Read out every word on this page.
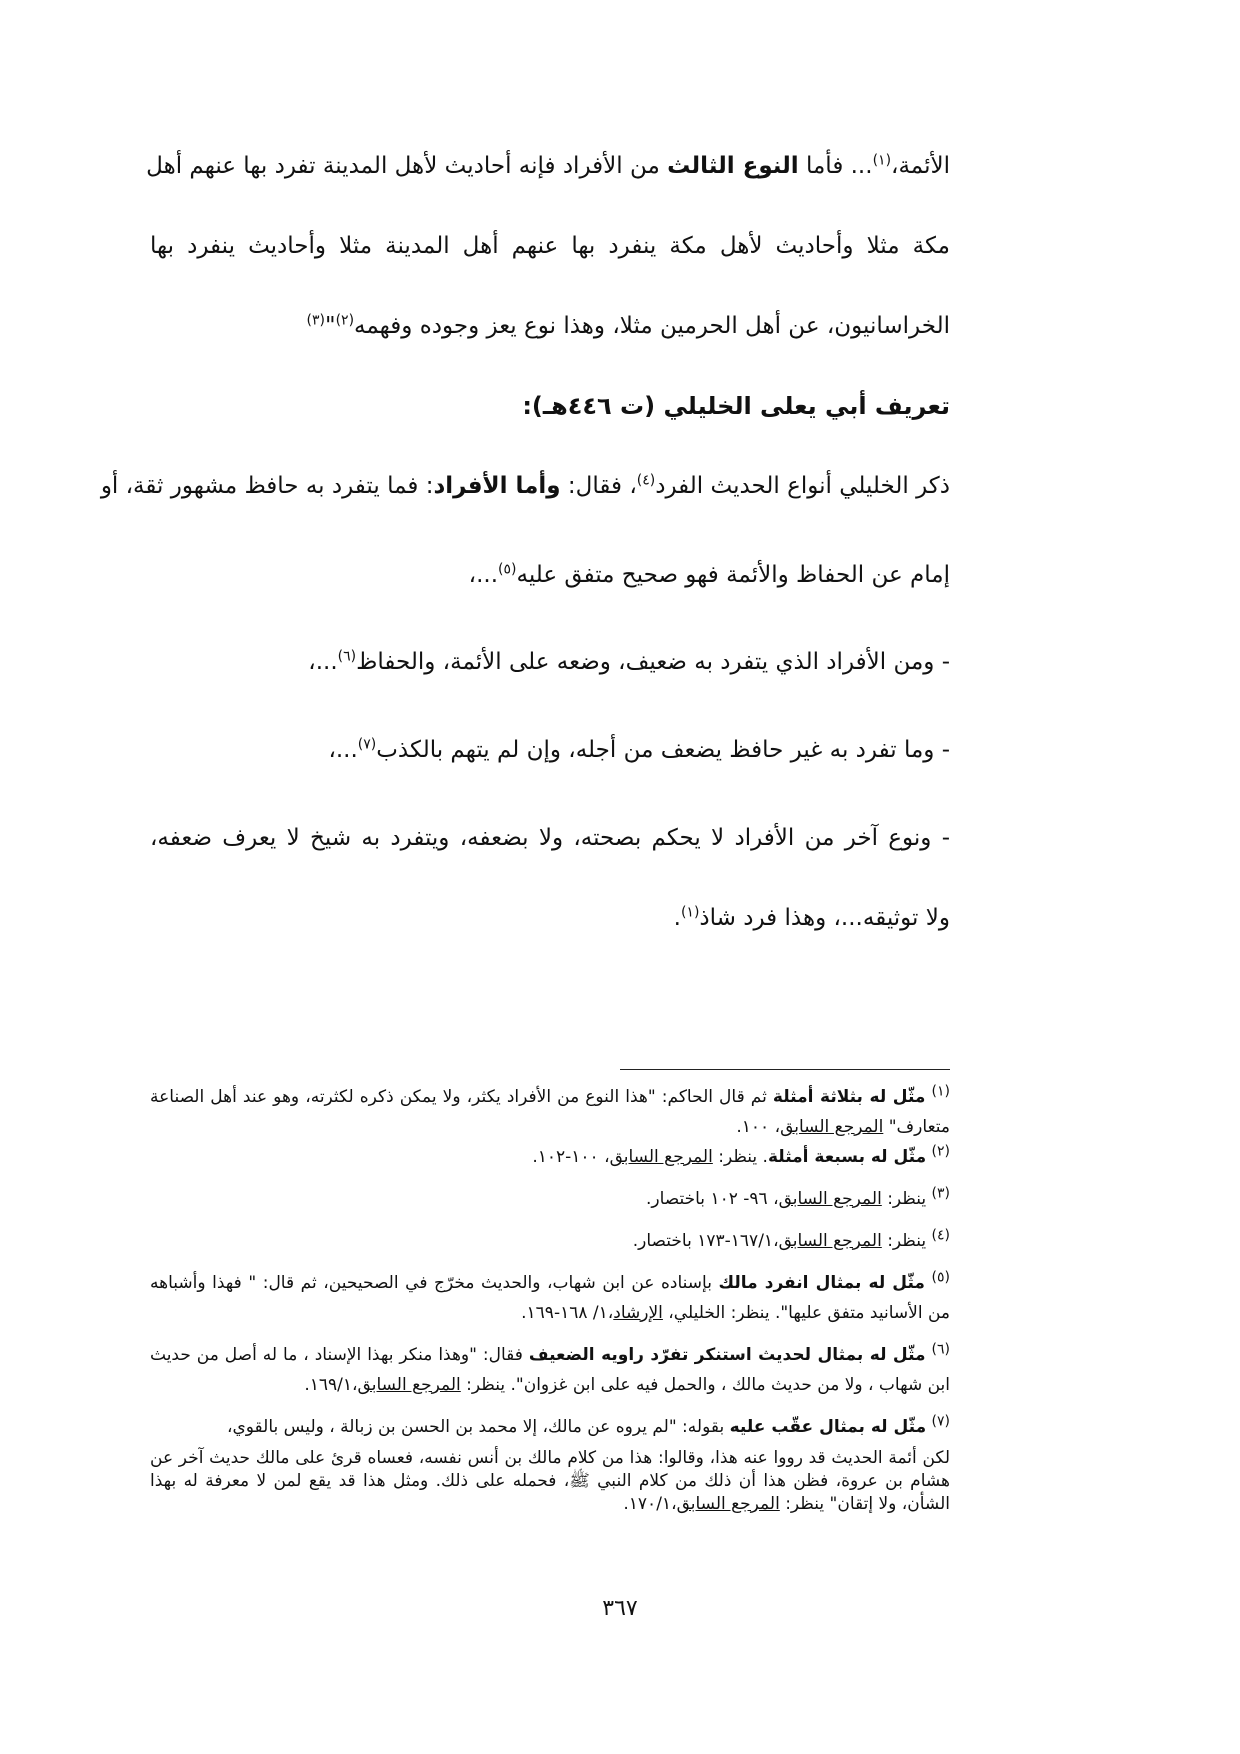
الأئمة،$^{(١)}$... فأما النوع الثالث من الأفراد فإنه أحاديث لأهل المدينة تفرد بها عنهم أهل
مكة مثلا وأحاديث لأهل مكة ينفرد بها عنهم أهل المدينة مثلا وأحاديث ينفرد بها
الخراسانيون، عن أهل الحرمين مثلا، وهذا نوع يعز وجوده وفهمه$^{(٢)}$"$^{(٣)}$
تعريف أبي يعلى الخليلي (ت ٤٤٦هـ):
ذكر الخليلي أنواع الحديث الفرد$^{(٤)}$، فقال: وأما الأفراد: فما يتفرد به حافظ مشهور ثقة، أو
إمام عن الحفاظ والأئمة فهو صحيح متفق عليه$^{(٥)}$...،
- ومن الأفراد الذي يتفرد به ضعيف، وضعه على الأئمة، والحفاظ$^{(٦)}$...،
- وما تفرد به غير حافظ يضعف من أجله، وإن لم يتهم بالكذب$^{(٧)}$...،
- ونوع آخر من الأفراد لا يحكم بصحته، ولا بضعفه، ويتفرد به شيخ لا يعرف ضعفه،
ولا توثيقه...، وهذا فرد شاذ$^{(١)}$.
$^{(١)}$ مثّل له بثلاثة أمثلة ثم قال الحاكم: "هذا النوع من الأفراد يكثر، ولا يمكن ذكره لكثرته، وهو عند أهل الصناعة متعارف" المرجع السابق، ١٠٠.
$^{(٢)}$ مثّل له بسبعة أمثلة. ينظر: المرجع السابق، ١٠٠-١٠٢.
$^{(٣)}$ ينظر: المرجع السابق، ٩٦- ١٠٢ باختصار.
$^{(٤)}$ ينظر: المرجع السابق،١٦٧/١-١٧٣ باختصار.
$^{(٥)}$ مثّل له بمثال انفرد مالك بإسناده عن ابن شهاب، والحديث مخرّج في الصحيحين، ثم قال: " فهذا وأشباهه من الأسانيد متفق عليها". ينظر: الخليلي، الإرشاد،١/ ١٦٨-١٦٩.
$^{(٦)}$ مثّل له بمثال لحديث استنكر تفرّد راويه الضعيف فقال: "وهذا منكر بهذا الإسناد ، ما له أصل من حديث ابن شهاب ، ولا من حديث مالك ، والحمل فيه على ابن غزوان". ينظر: المرجع السابق،١٦٩/١.
$^{(٧)}$ مثّل له بمثال عقّب عليه بقوله: "لم يروه عن مالك، إلا محمد بن الحسن بن زبالة ، وليس بالقوي،
لكن أئمة الحديث قد رووا عنه هذا، وقالوا: هذا من كلام مالك بن أنس نفسه، فعساه قرئ على مالك حديث آخر عن هشام بن عروة، فظن هذا أن ذلك من كلام النبي ﷺ، فحمله على ذلك. ومثل هذا قد يقع لمن لا معرفة له بهذا الشأن، ولا إتقان" ينظر: المرجع السابق،١٧٠/١.
٣٦٧
